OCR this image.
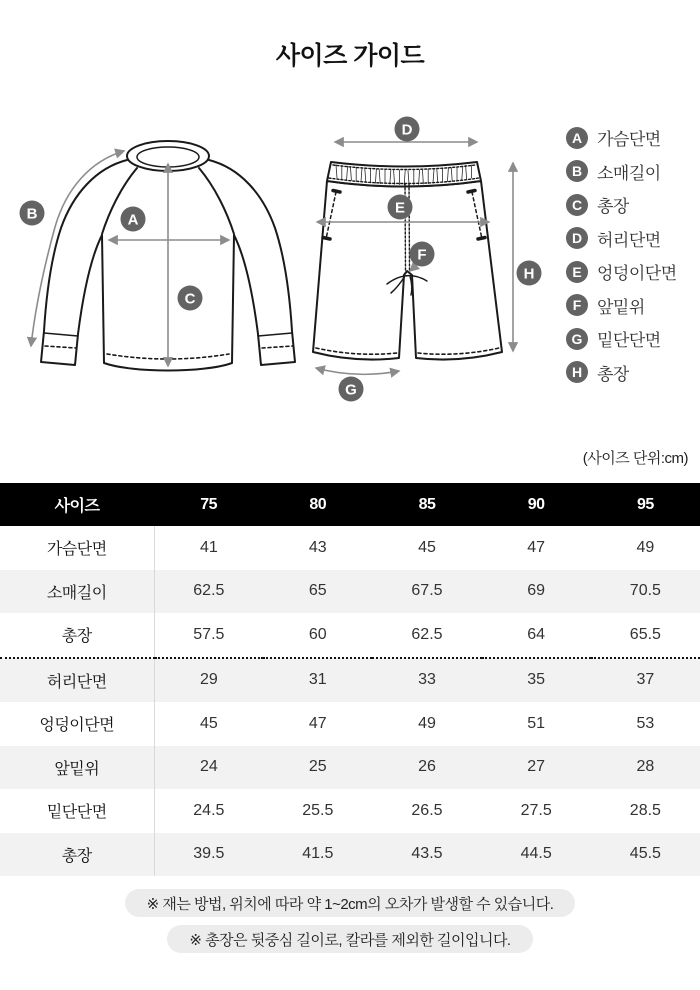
사이즈 가이드
A
B
C
D
E
F
G
H
A 가슴단면
B 소매길이
C 총장
D 허리단면
E 엉덩이단면
F 앞밑위
G 밑단단면
H 총장
(사이즈 단위:cm)
사이즈	75	80	85	90	95
가슴단면	41	43	45	47	49
소매길이	62.5	65	67.5	69	70.5
총장	57.5	60	62.5	64	65.5
허리단면	29	31	33	35	37
엉덩이단면	45	47	49	51	53
앞밑위	24	25	26	27	28
밑단단면	24.5	25.5	26.5	27.5	28.5
총장	39.5	41.5	43.5	44.5	45.5
※ 재는 방법, 위치에 따라 약 1~2cm의 오차가 발생할 수 있습니다.
※ 총장은 뒷중심 길이로, 칼라를 제외한 길이입니다.
